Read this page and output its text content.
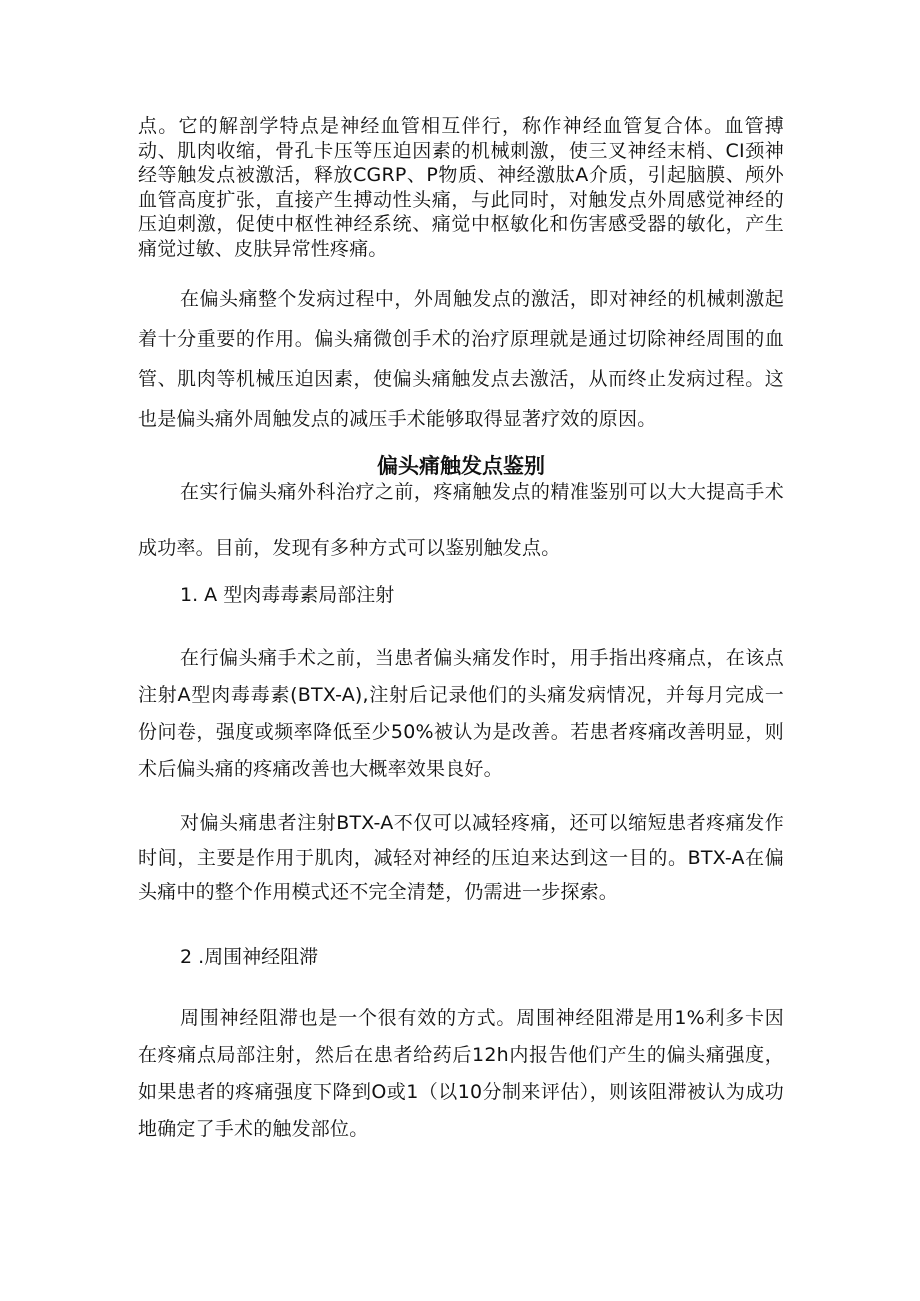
点。它的解剖学特点是神经血管相互伴行，称作神经血管复合体。血管搏动、肌肉收缩，骨孔卡压等压迫因素的机械刺激，使三叉神经末梢、CI颈神经等触发点被激活，释放CGRP、P物质、神经激肽A介质，引起脑膜、颅外血管高度扩张，直接产生搏动性头痛，与此同时，对触发点外周感觉神经的压迫刺激，促使中枢性神经系统、痛觉中枢敏化和伤害感受器的敏化，产生痛觉过敏、皮肤异常性疼痛。

在偏头痛整个发病过程中，外周触发点的激活，即对神经的机械刺激起着十分重要的作用。偏头痛微创手术的治疗原理就是通过切除神经周围的血管、肌肉等机械压迫因素，使偏头痛触发点去激活，从而终止发病过程。这也是偏头痛外周触发点的减压手术能够取得显著疗效的原因。

偏头痛触发点鉴别

在实行偏头痛外科治疗之前，疼痛触发点的精准鉴别可以大大提高手术成功率。目前，发现有多种方式可以鉴别触发点。

1. A 型肉毒毒素局部注射

在行偏头痛手术之前，当患者偏头痛发作时，用手指出疼痛点，在该点注射A型肉毒毒素(BTX-A),注射后记录他们的头痛发病情况，并每月完成一份问卷，强度或频率降低至少50%被认为是改善。若患者疼痛改善明显，则术后偏头痛的疼痛改善也大概率效果良好。

对偏头痛患者注射BTX-A不仅可以减轻疼痛，还可以缩短患者疼痛发作时间，主要是作用于肌肉，减轻对神经的压迫来达到这一目的。BTX-A在偏头痛中的整个作用模式还不完全清楚，仍需进一步探索。

2 .周围神经阻滞

周围神经阻滞也是一个很有效的方式。周围神经阻滞是用1%利多卡因在疼痛点局部注射，然后在患者给药后12h内报告他们产生的偏头痛强度，如果患者的疼痛强度下降到O或1（以10分制来评估），则该阻滞被认为成功地确定了手术的触发部位。
